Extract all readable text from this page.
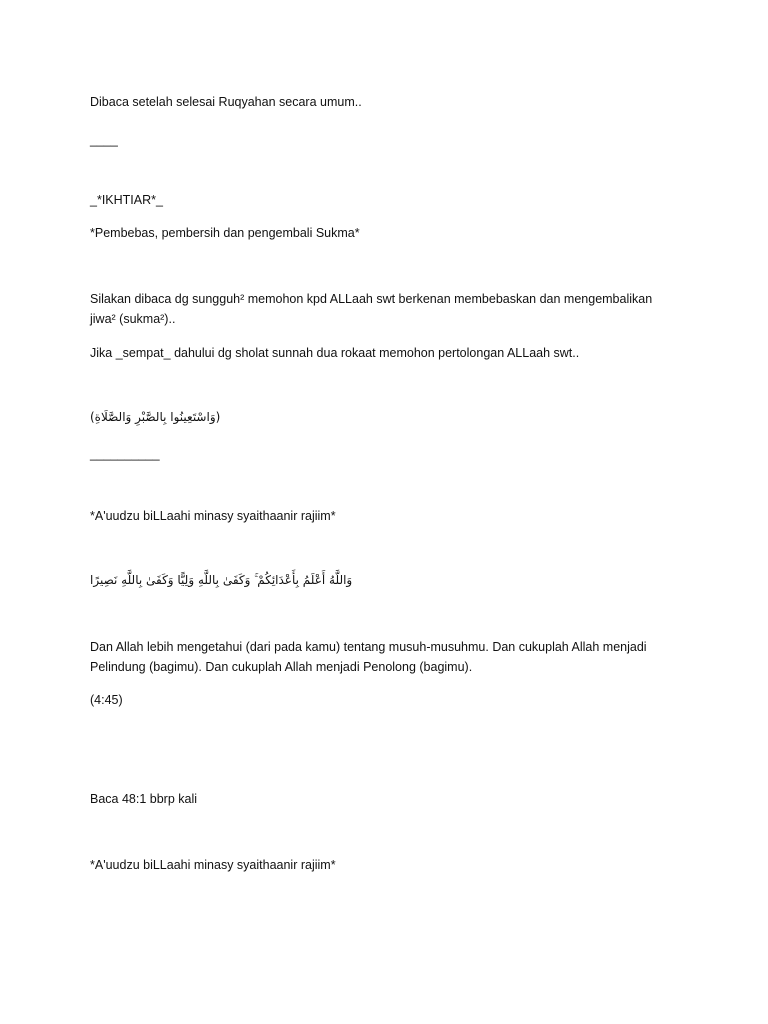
Dibaca setelah selesai Ruqyahan secara umum..
____
_*IKHTIAR*_
*Pembebas, pembersih dan pengembali Sukma*
Silakan dibaca dg sungguh² memohon kpd ALLaah swt berkenan membebaskan dan mengembalikan
jiwa² (sukma²)..
Jika _sempat_ dahului dg sholat sunnah dua rokaat memohon pertolongan ALLaah swt..
(وَاسْتَعِينُوا بِالصَّبْرِ وَالصَّلَاةِ)
__________
*A'uudzu biLLaahi minasy syaithaanir rajiim*
وَاللَّهُ أَعْلَمُ بِأَعْدَائِكُمْ ۚ وَكَفَىٰ بِاللَّهِ وَلِيًّا وَكَفَىٰ بِاللَّهِ نَصِيرًا
Dan Allah lebih mengetahui (dari pada kamu) tentang musuh-musuhmu. Dan cukuplah Allah menjadi
Pelindung (bagimu). Dan cukuplah Allah menjadi Penolong (bagimu).
(4:45)
Baca 48:1 bbrp kali
*A'uudzu biLLaahi minasy syaithaanir rajiim*
